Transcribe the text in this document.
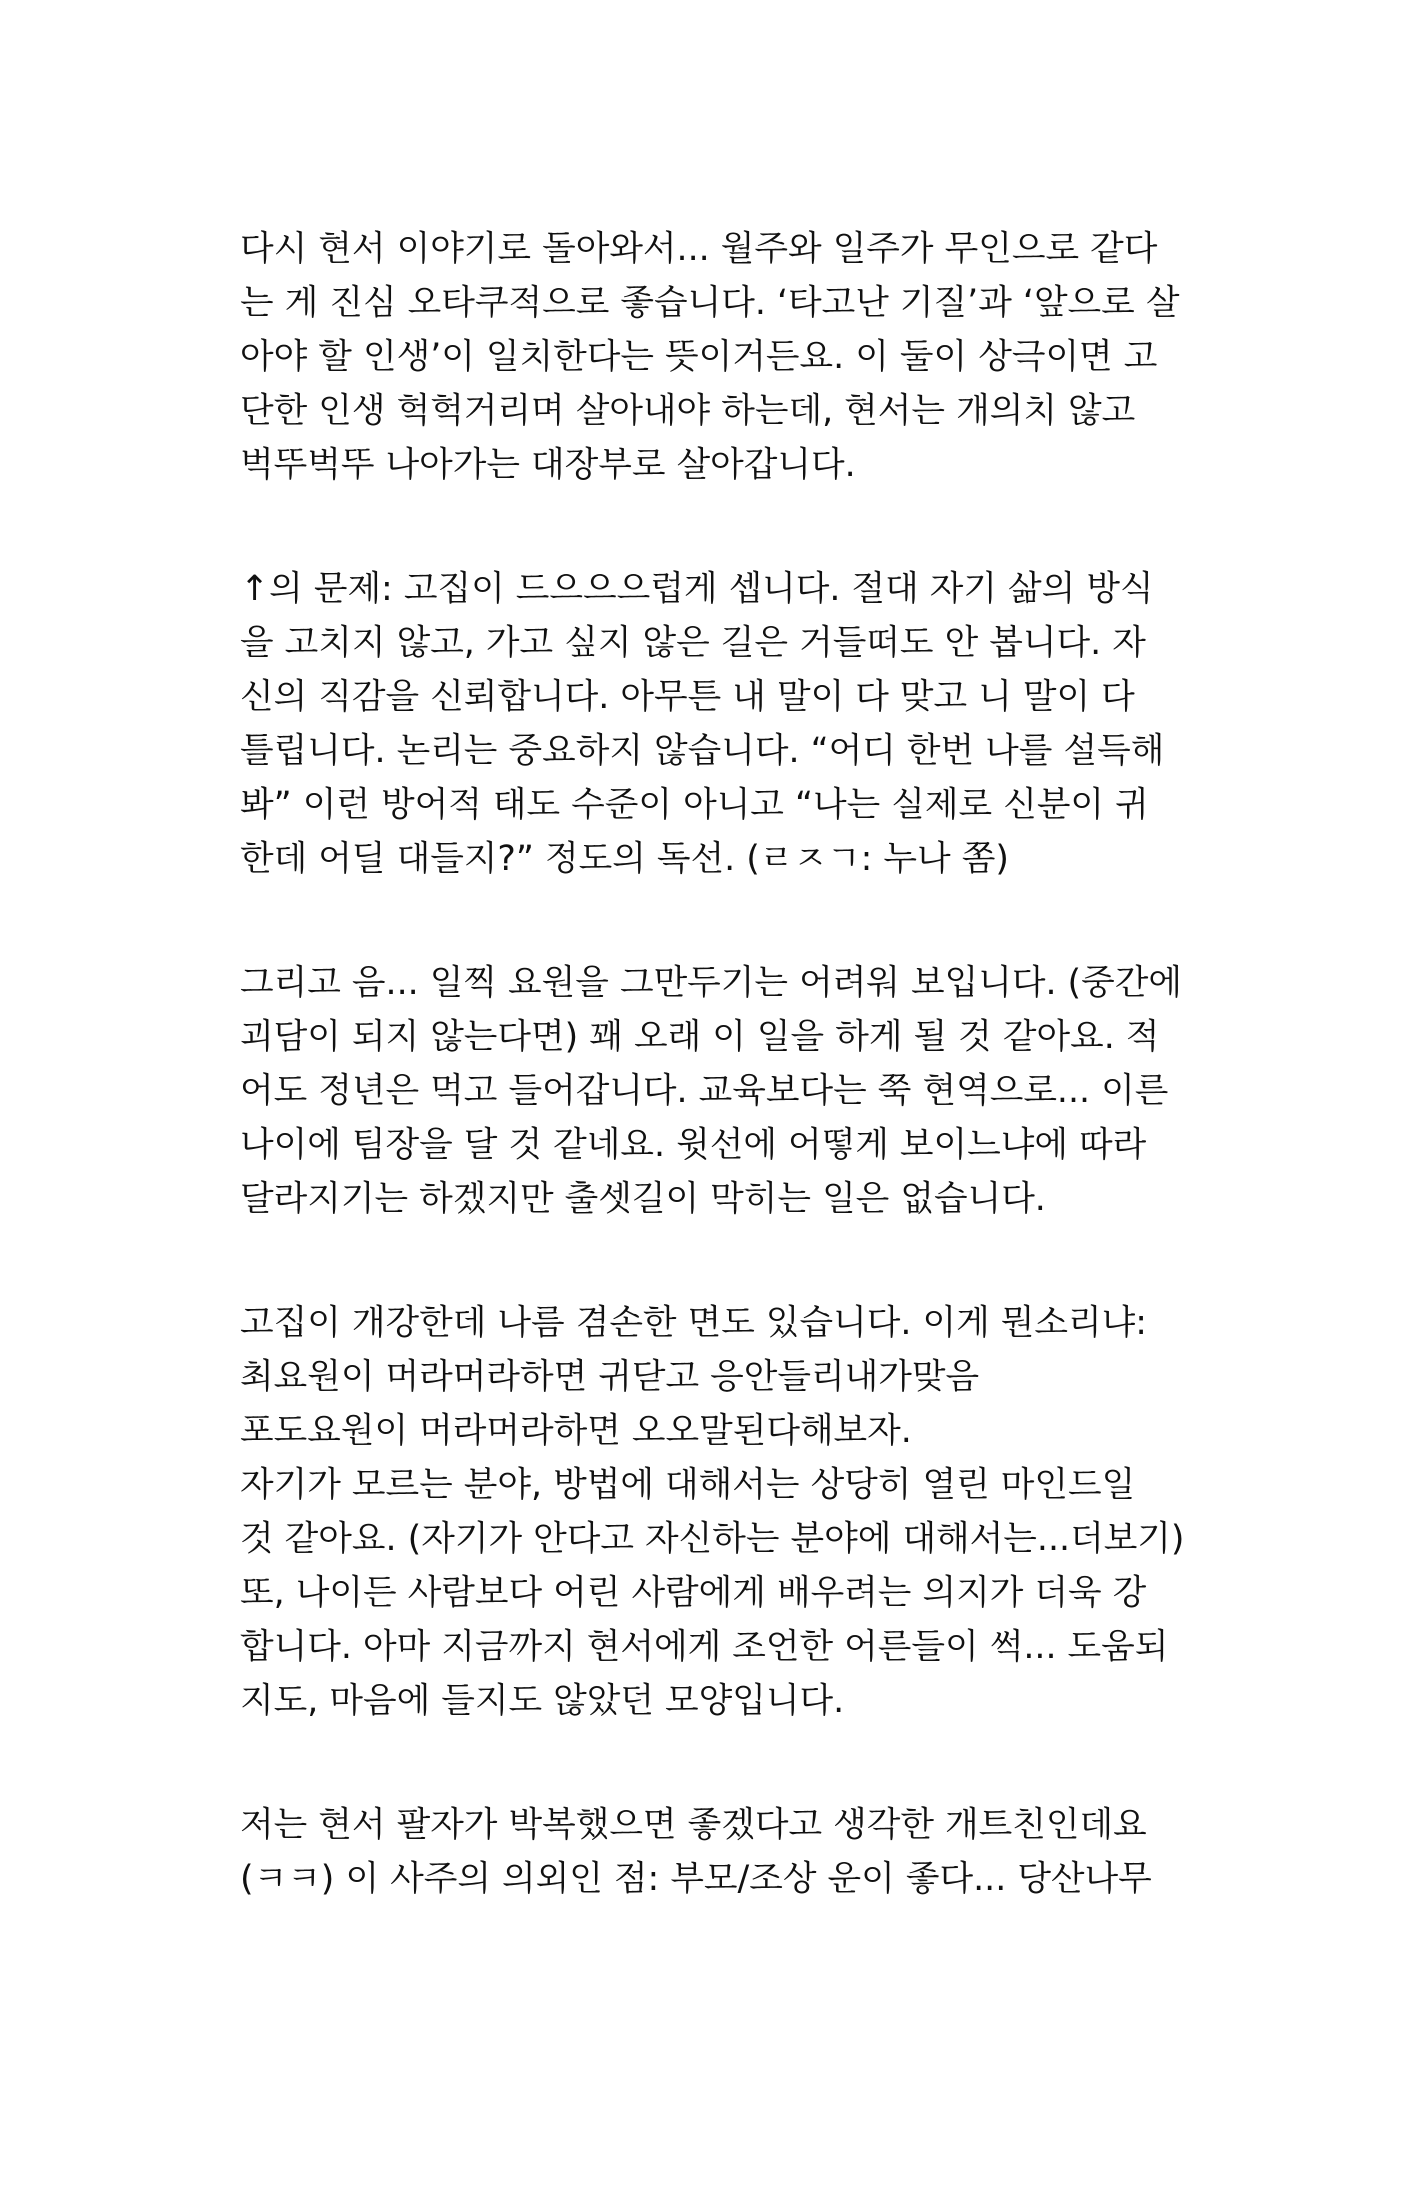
다시 현서 이야기로 돌아와서... 월주와 일주가 무인으로 같다
는 게 진심 오타쿠적으로 좋습니다. ‘타고난 기질’과 ‘앞으로 살
아야 할 인생’이 일치한다는 뜻이거든요. 이 둘이 상극이면 고
단한 인생 헉헉거리며 살아내야 하는데, 현서는 개의치 않고
벅뚜벅뚜 나아가는 대장부로 살아갑니다.

↑의 문제: 고집이 드으으으럽게 셉니다. 절대 자기 삶의 방식
을 고치지 않고, 가고 싶지 않은 길은 거들떠도 안 봅니다. 자
신의 직감을 신뢰합니다. 아무튼 내 말이 다 맞고 니 말이 다
틀립니다. 논리는 중요하지 않습니다. “어디 한번 나를 설득해
봐” 이런 방어적 태도 수준이 아니고 “나는 실제로 신분이 귀
한데 어딜 대들지?” 정도의 독선. (ㄹㅈㄱ: 누나 쫌)

그리고 음... 일찍 요원을 그만두기는 어려워 보입니다. (중간에
괴담이 되지 않는다면) 꽤 오래 이 일을 하게 될 것 같아요. 적
어도 정년은 먹고 들어갑니다. 교육보다는 쭉 현역으로... 이른
나이에 팀장을 달 것 같네요. 윗선에 어떻게 보이느냐에 따라
달라지기는 하겠지만 출셋길이 막히는 일은 없습니다.

고집이 개강한데 나름 겸손한 면도 있습니다. 이게 뭔소리냐:
최요원이 머라머라하면 귀닫고 응안들리내가맞음
포도요원이 머라머라하면 오오말된다해보자.
자기가 모르는 분야, 방법에 대해서는 상당히 열린 마인드일
것 같아요. (자기가 안다고 자신하는 분야에 대해서는...더보기)
또, 나이든 사람보다 어린 사람에게 배우려는 의지가 더욱 강
합니다. 아마 지금까지 현서에게 조언한 어른들이 썩... 도움되
지도, 마음에 들지도 않았던 모양입니다.

저는 현서 팔자가 박복했으면 좋겠다고 생각한 개트친인데요
(ㅋㅋ) 이 사주의 의외인 점: 부모/조상 운이 좋다... 당산나무
